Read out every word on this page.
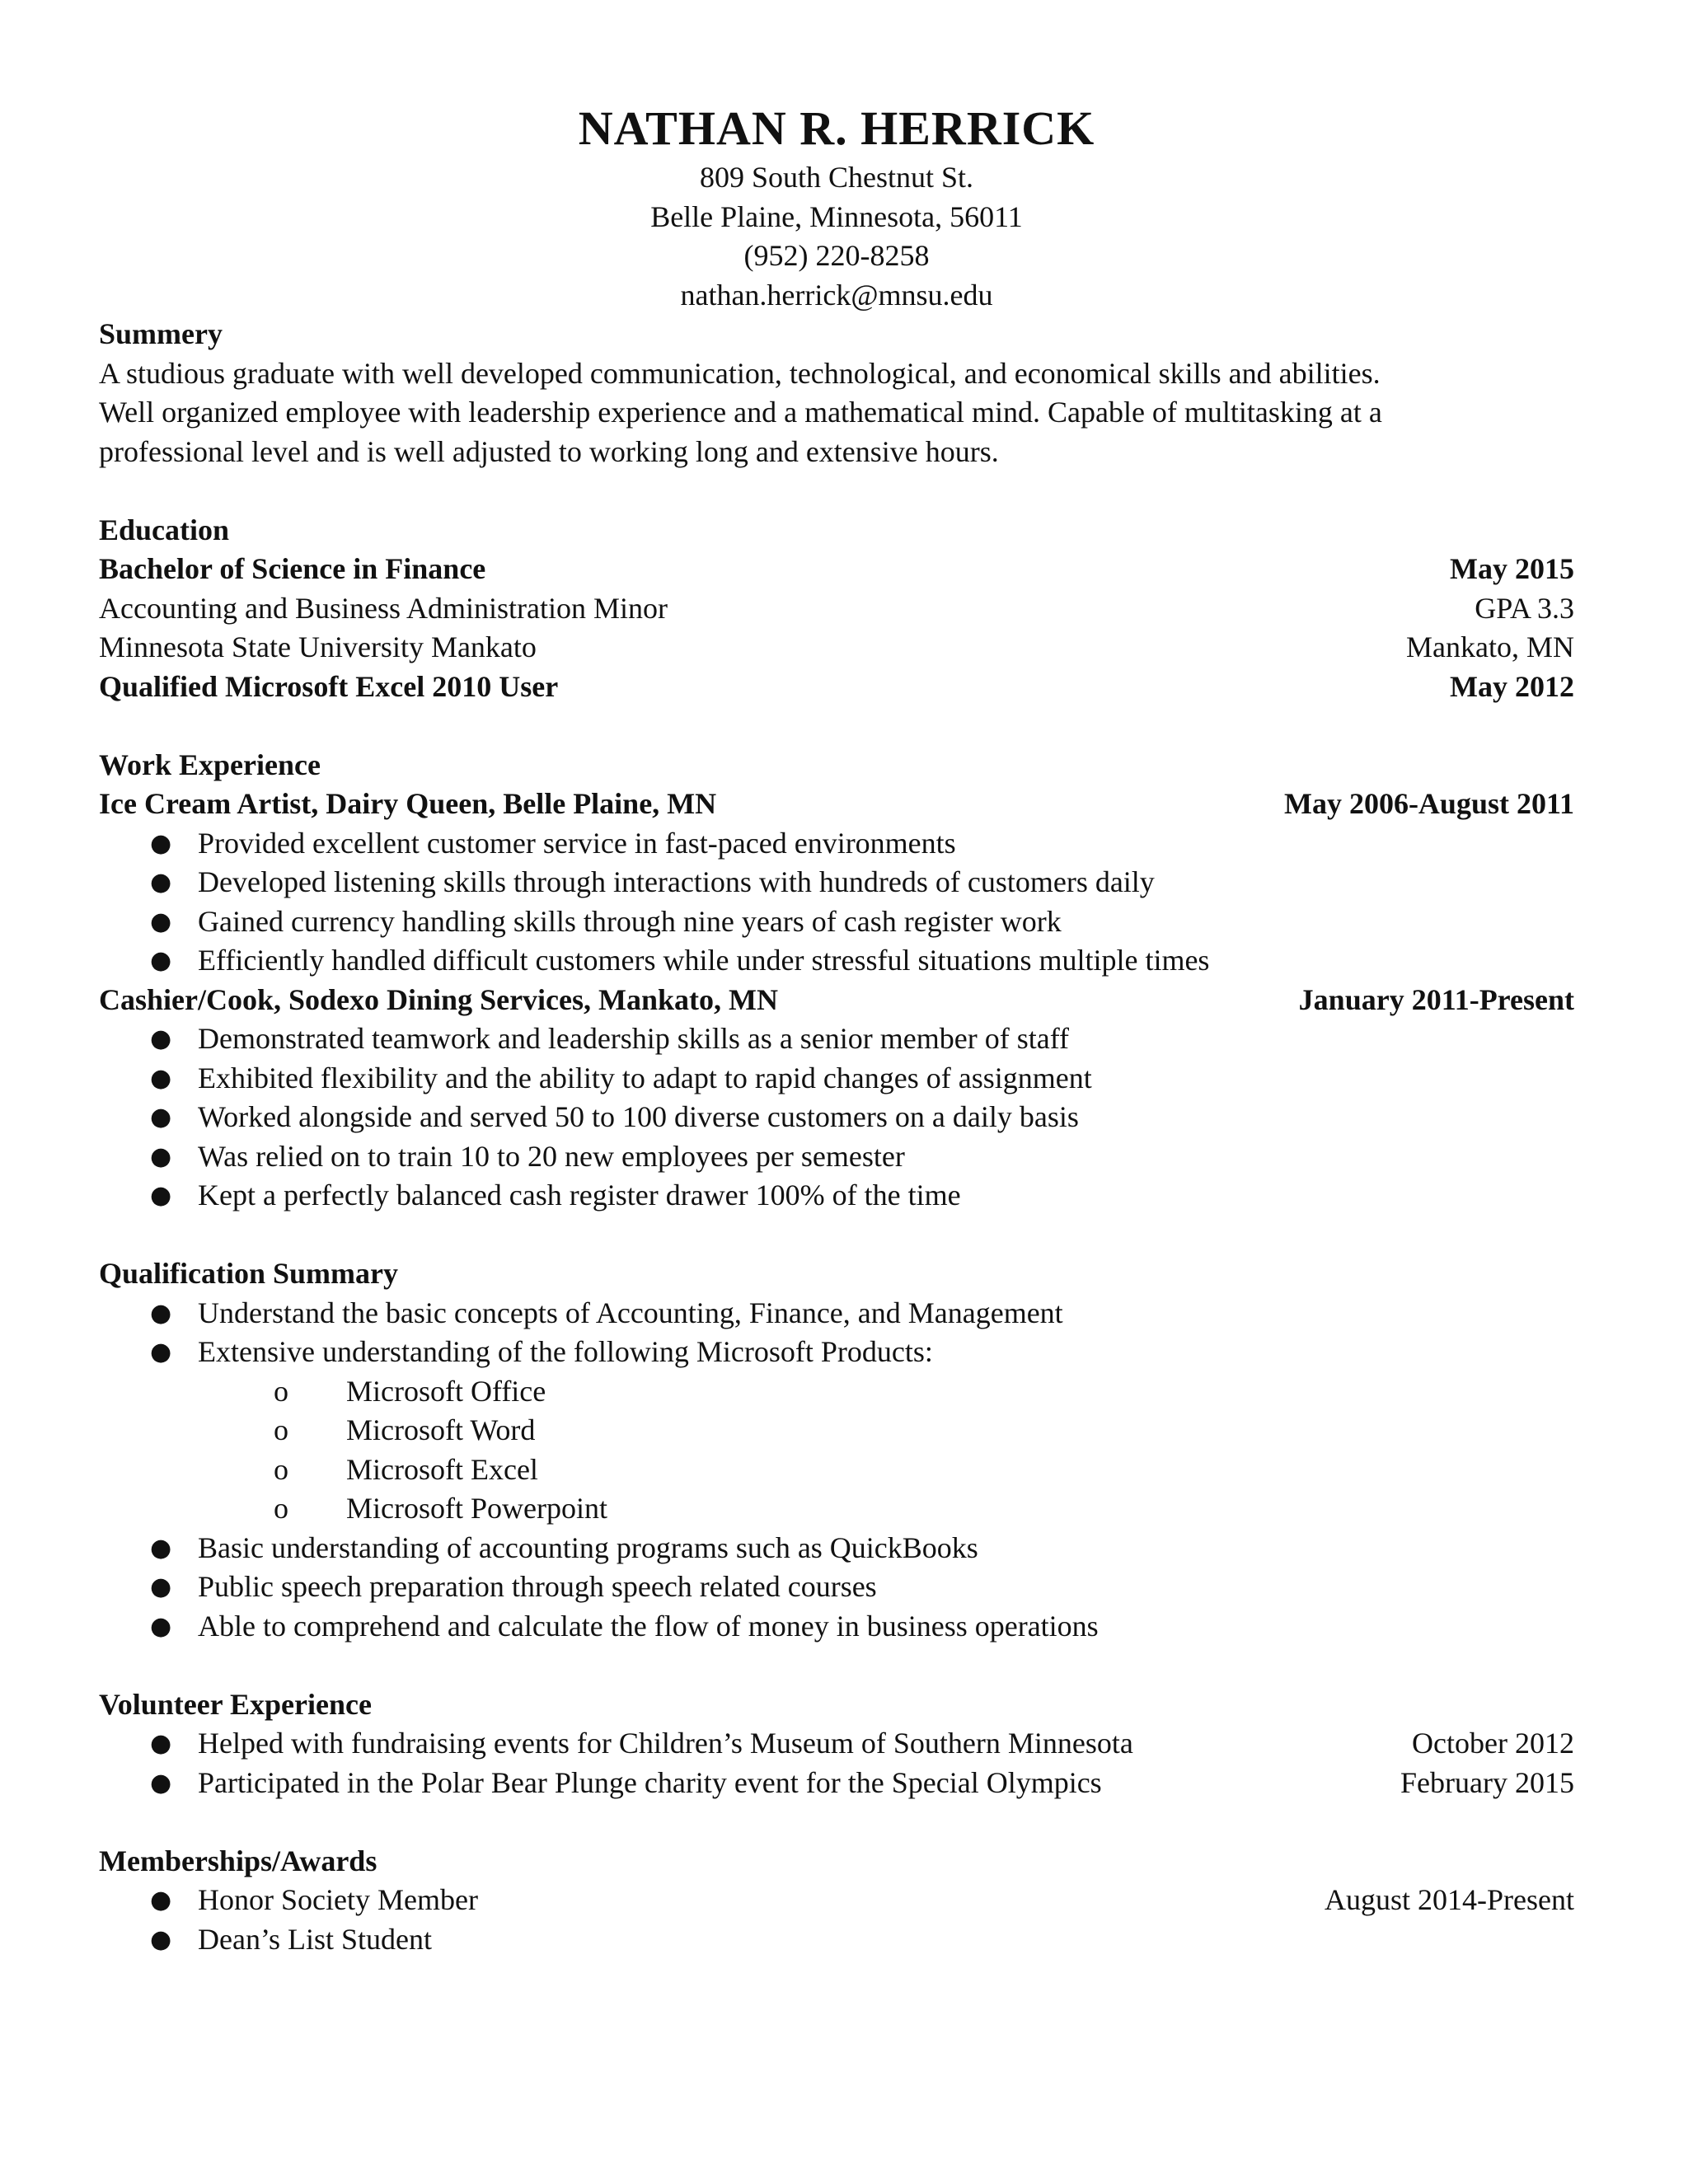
NATHAN R. HERRICK

809 South Chestnut St.

Belle Plaine, Minnesota, 56011

(952) 220-8258

nathan.herrick@mnsu.edu

Summery

A studious graduate with well developed communication, technological, and economical skills and abilities.

Well organized employee with leadership experience and a mathematical mind. Capable of multitasking at a

professional level and is well adjusted to working long and extensive hours.

Education

Bachelor of Science in Finance	May 2015
Accounting and Business Administration Minor	GPA 3.3
Minnesota State University Mankato	Mankato, MN
Qualified Microsoft Excel 2010 User	May 2012

Work Experience

Ice Cream Artist, Dairy Queen, Belle Plaine, MN	May 2006-August 2011
● Provided excellent customer service in fast-paced environments
● Developed listening skills through interactions with hundreds of customers daily
● Gained currency handling skills through nine years of cash register work
● Efficiently handled difficult customers while under stressful situations multiple times
Cashier/Cook, Sodexo Dining Services, Mankato, MN	January 2011-Present
● Demonstrated teamwork and leadership skills as a senior member of staff
● Exhibited flexibility and the ability to adapt to rapid changes of assignment
● Worked alongside and served 50 to 100 diverse customers on a daily basis
● Was relied on to train 10 to 20 new employees per semester
● Kept a perfectly balanced cash register drawer 100% of the time

Qualification Summary

● Understand the basic concepts of Accounting, Finance, and Management
● Extensive understanding of the following Microsoft Products:
o Microsoft Office
o Microsoft Word
o Microsoft Excel
o Microsoft Powerpoint
● Basic understanding of accounting programs such as QuickBooks
● Public speech preparation through speech related courses
● Able to comprehend and calculate the flow of money in business operations

Volunteer Experience

● Helped with fundraising events for Children’s Museum of Southern Minnesota	October 2012
● Participated in the Polar Bear Plunge charity event for the Special Olympics	February 2015

Memberships/Awards

● Honor Society Member	August 2014-Present
● Dean’s List Student
